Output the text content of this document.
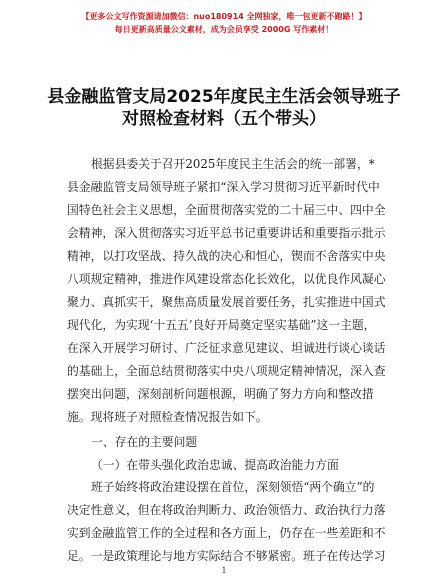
【更多公文写作资源请加微信：nuo180914 全网独家，唯一包更新不跑路！】
每日更新高质量公文素材，成为会员享受 2000G 写作素材！
县金融监管支局2025年度民主生活会领导班子
对照检查材料（五个带头）
根据县委关于召开2025年度民主生活会的统一部署，*
县金融监管支局领导班子紧扣“深入学习贯彻习近平新时代中
国特色社会主义思想，全面贯彻落实党的二十届三中、四中全
会精神，深入贯彻落实习近平总书记重要讲话和重要指示批示
精神，以打攻坚战、持久战的决心和恒心，锲而不舍落实中央
八项规定精神，推进作风建设常态化长效化，以优良作风凝心
聚力、真抓实干，聚焦高质量发展首要任务，扎实推进中国式
现代化，为实现‘十五五’良好开局奠定坚实基础”这一主题，
在深入开展学习研讨、广泛征求意见建议、坦诚进行谈心谈话
的基础上，全面总结贯彻落实中央八项规定精神情况，深入查
摆突出问题，深刻剖析问题根源，明确了努力方向和整改措
施。现将班子对照检查情况报告如下。
一、存在的主要问题
（一）在带头强化政治忠诚、提高政治能力方面
班子始终将政治建设摆在首位，深刻领悟“两个确立”的
决定性意义，但在将政治判断力、政治领悟力、政治执行力落
实到金融监管工作的全过程和各方面上，仍存在一些差距和不
足。一是政策理论与地方实际结合不够紧密。班子在传达学习
1
